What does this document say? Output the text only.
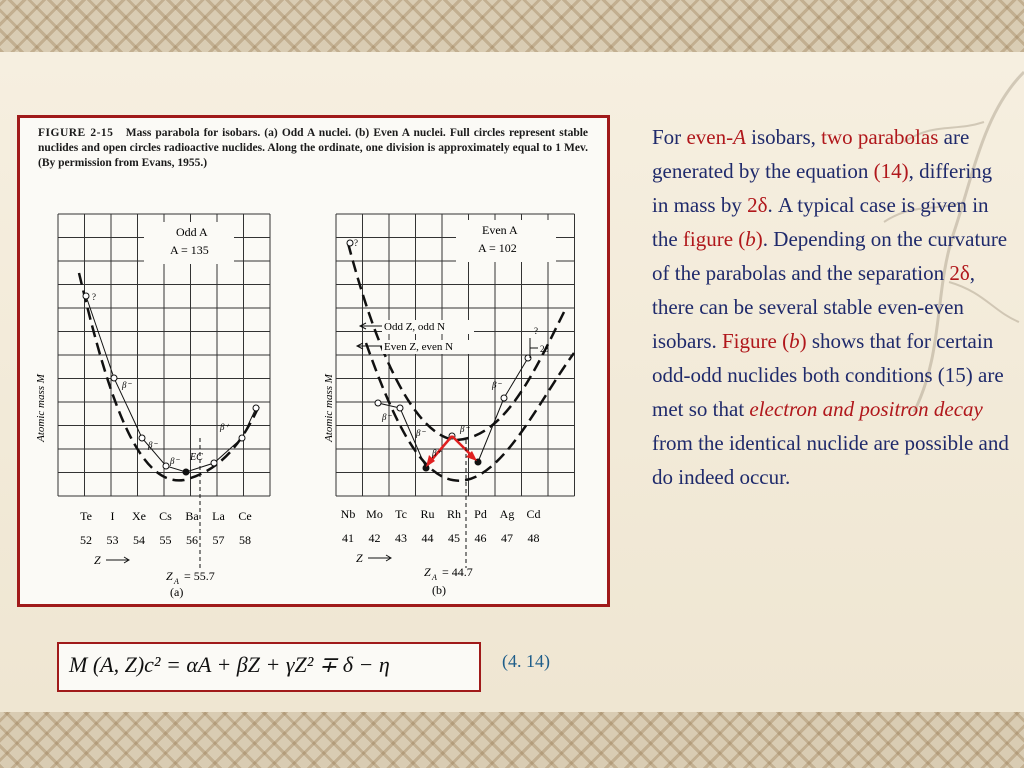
FIGURE 2-15 Mass parabola for isobars. (a) Odd A nuclei. (b) Even A nuclei. Full circles represent stable nuclides and open circles radioactive nuclides. Along the ordinate, one division is approximately equal to 1 Mev. (By permission from Evans, 1955.)
Atomic mass M
Odd A
A = 135
?
β⁻
β⁻
β⁻
β⁺
EC
Te I Xe Cs Ba La Ce
52 53 54 55 56 57 58
Z
Z A = 55.7
(a)
Atomic mass M
Even A
A = 102
Odd Z, odd N
Even Z, even N	2δ
?
?
β⁻
β⁻	β⁻
β⁺
β⁻
Nb Mo Tc Ru Rh Pd Ag Cd
41 42 43 44 45 46 47 48
Z
Z A = 44.7
(b)
For even-A isobars, two parabolas are generated by the equation (14), differing in mass by 2δ. A typical case is given in the figure (b). Depending on the curvature of the parabolas and the separation 2δ, there can be several stable even-even isobars. Figure (b) shows that for certain odd-odd nuclides both conditions (15) are met so that electron and positron decay from the identical nuclide are possible and do indeed occur.
M (A, Z)c² = αA + βZ + γZ² ∓ δ − η	(4. 14)
